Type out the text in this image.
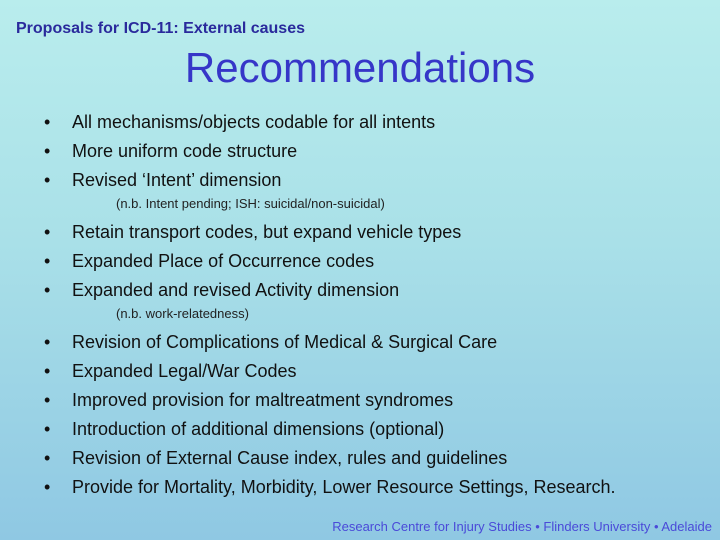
Proposals for ICD-11: External causes
Recommendations
• All mechanisms/objects codable for all intents
• More uniform code structure
• Revised ‘Intent’ dimension
(n.b. Intent pending; ISH: suicidal/non-suicidal)
• Retain transport codes, but expand vehicle types
• Expanded Place of Occurrence codes
• Expanded and revised Activity dimension
(n.b. work-relatedness)
• Revision of Complications of Medical & Surgical Care
• Expanded Legal/War Codes
• Improved provision for maltreatment syndromes
• Introduction of additional dimensions (optional)
• Revision of External Cause index, rules and guidelines
• Provide for Mortality, Morbidity, Lower Resource Settings, Research.
Research Centre for Injury Studies • Flinders University • Adelaide
